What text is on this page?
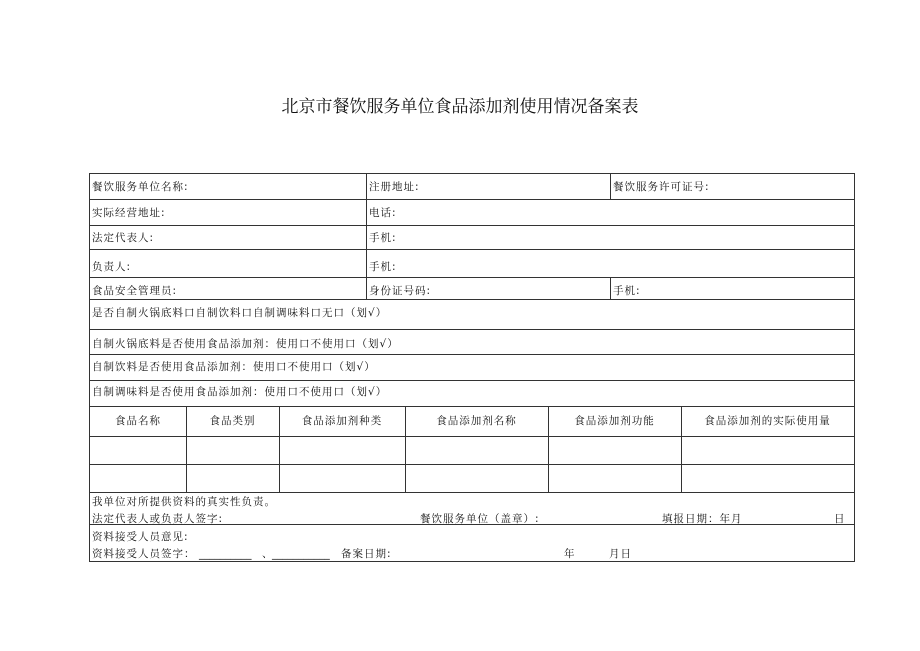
北京市餐饮服务单位食品添加剂使用情况备案表
餐饮服务单位名称:	注册地址:	餐饮服务许可证号:
实际经营地址:	电话:
法定代表人:	手机:
负责人:	手机:
食品安全管理员:	身份证号码:	手机:
是否自制火锅底料口自制饮料口自制调味料口无口（划√）
自制火锅底料是否使用食品添加剂：使用口不使用口（划√）
自制饮料是否使用食品添加剂：使用口不使用口（划√）
自制调味料是否使用食品添加剂：使用口不使用口（划√）
食品名称	食品类别	食品添加剂种类	食品添加剂名称	食品添加剂功能	食品添加剂的实际使用量
我单位对所提供资料的真实性负责。
法定代表人或负责人签字:	餐饮服务单位（盖章）:	填报日期：年月	日
资料接受人员意见:
资料接受人员签字： __________ 、
___________ 备案日期:	年	月日
